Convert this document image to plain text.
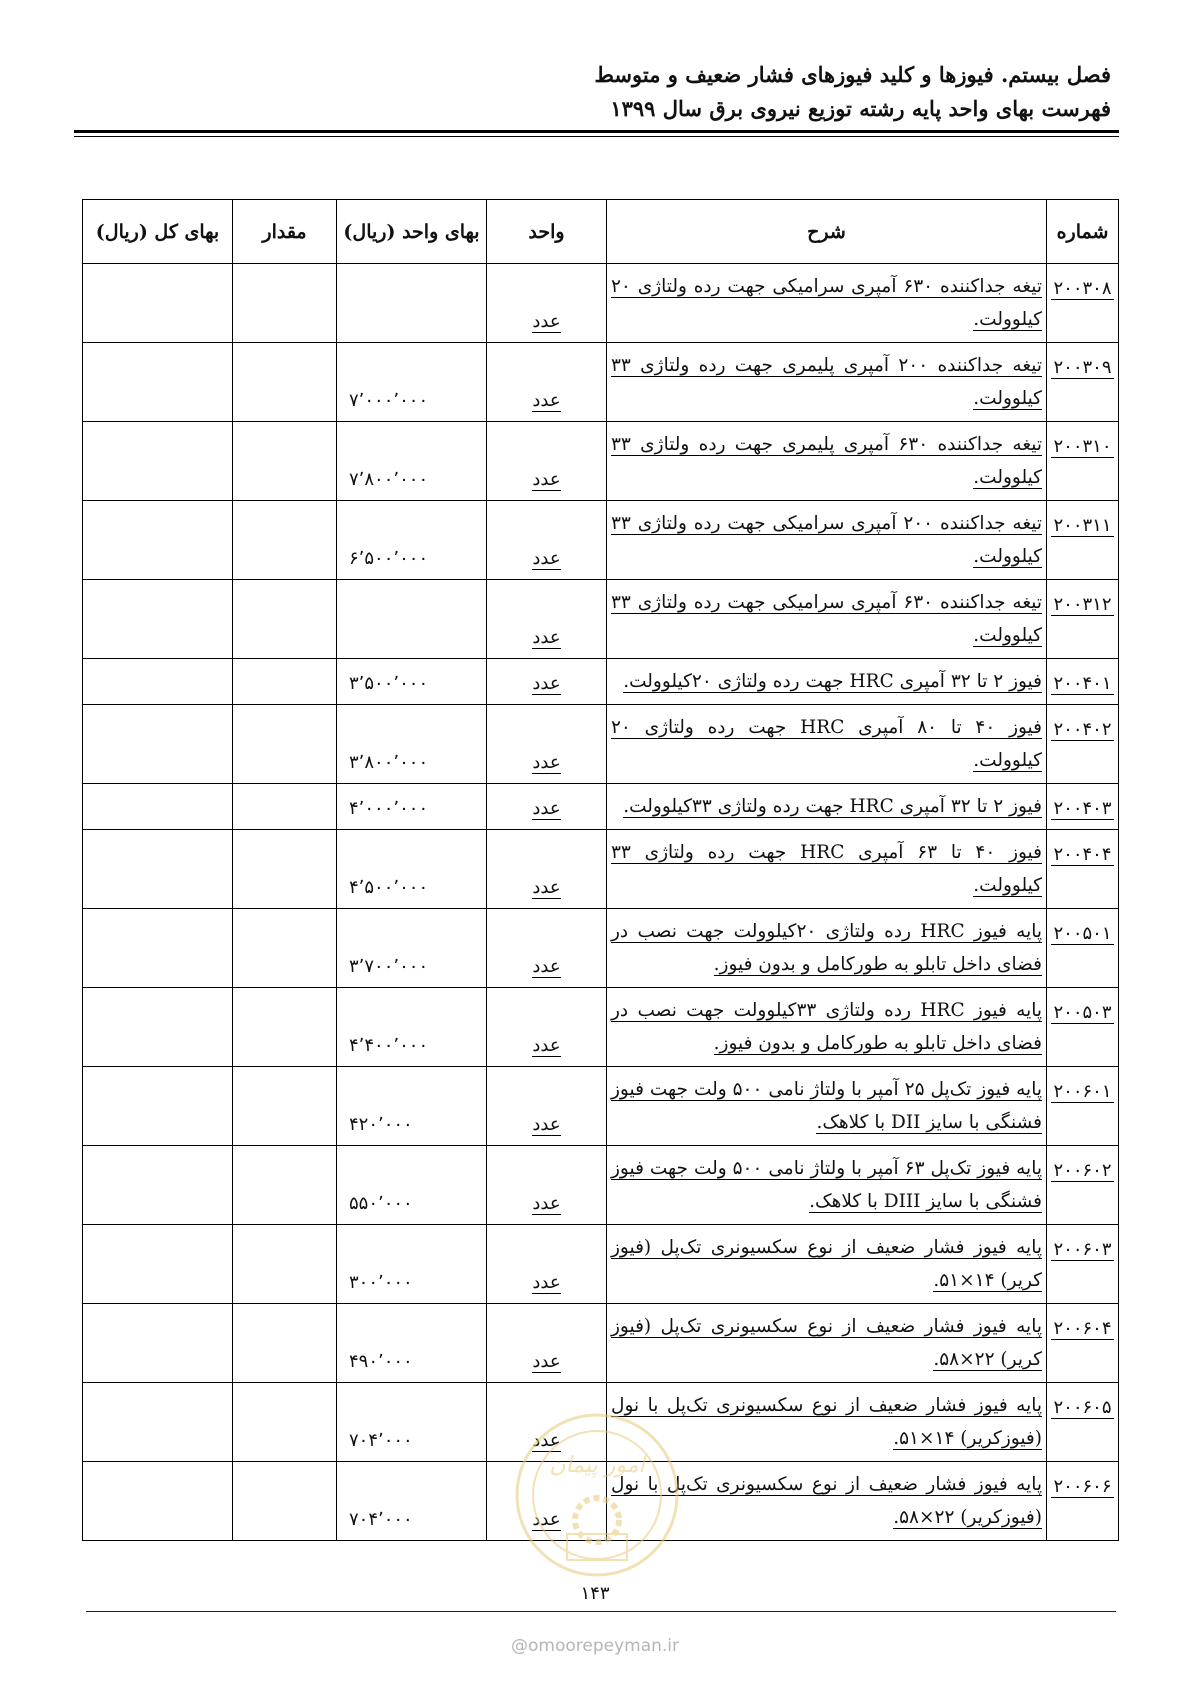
فصل بیستم. فیوزها و کلید فیوزهای فشار ضعیف و متوسط
فهرست بهای واحد پایه رشته توزیع نیروی برق سال ۱۳۹۹
شماره	شرح	واحد	بهای واحد (ریال)	مقدار	بهای کل (ریال)
۲۰۰۳۰۸	تیغه جداکننده ۶۳۰ آمپری سرامیکی جهت رده ولتاژی ۲۰ کیلوولت.	عدد			
۲۰۰۳۰۹	تیغه جداکننده ۲۰۰ آمپری پلیمری جهت رده ولتاژی ۳۳ کیلوولت.	عدد	۷٬۰۰۰٬۰۰۰		
۲۰۰۳۱۰	تیغه جداکننده ۶۳۰ آمپری پلیمری جهت رده ولتاژی ۳۳ کیلوولت.	عدد	۷٬۸۰۰٬۰۰۰		
۲۰۰۳۱۱	تیغه جداکننده ۲۰۰ آمپری سرامیکی جهت رده ولتاژی ۳۳ کیلوولت.	عدد	۶٬۵۰۰٬۰۰۰		
۲۰۰۳۱۲	تیغه جداکننده ۶۳۰ آمپری سرامیکی جهت رده ولتاژی ۳۳ کیلوولت.	عدد			
۲۰۰۴۰۱	فیوز ۲ تا ۳۲ آمپری HRC جهت رده ولتاژی ۲۰کیلوولت.	عدد	۳٬۵۰۰٬۰۰۰		
۲۰۰۴۰۲	فیوز ۴۰ تا ۸۰ آمپری HRC جهت رده ولتاژی ۲۰ کیلوولت.	عدد	۳٬۸۰۰٬۰۰۰		
۲۰۰۴۰۳	فیوز ۲ تا ۳۲ آمپری HRC جهت رده ولتاژی ۳۳کیلوولت.	عدد	۴٬۰۰۰٬۰۰۰		
۲۰۰۴۰۴	فیوز ۴۰ تا ۶۳ آمپری HRC جهت رده ولتاژی ۳۳ کیلوولت.	عدد	۴٬۵۰۰٬۰۰۰		
۲۰۰۵۰۱	پایه فیوز HRC رده ولتاژی ۲۰کیلوولت جهت نصب در فضای داخل تابلو به طورکامل و بدون فیوز.	عدد	۳٬۷۰۰٬۰۰۰		
۲۰۰۵۰۳	پایه فیوز HRC رده ولتاژی ۳۳کیلوولت جهت نصب در فضای داخل تابلو به طورکامل و بدون فیوز.	عدد	۴٬۴۰۰٬۰۰۰		
۲۰۰۶۰۱	پایه فیوز تک‌پل ۲۵ آمپر با ولتاژ نامی ۵۰۰ ولت جهت فیوز فشنگی با سایز DII با کلاهک.	عدد	۴۲۰٬۰۰۰		
۲۰۰۶۰۲	پایه فیوز تک‌پل ۶۳ آمپر با ولتاژ نامی ۵۰۰ ولت جهت فیوز فشنگی با سایز DIII با کلاهک.	عدد	۵۵۰٬۰۰۰		
۲۰۰۶۰۳	پایه فیوز فشار ضعیف از نوع سکسیونری تک‌پل (فیوز کریر) ۱۴×۵۱.	عدد	۳۰۰٬۰۰۰		
۲۰۰۶۰۴	پایه فیوز فشار ضعیف از نوع سکسیونری تک‌پل (فیوز کریر) ۲۲×۵۸.	عدد	۴۹۰٬۰۰۰		
۲۰۰۶۰۵	پایه فیوز فشار ضعیف از نوع سکسیونری تک‌پل با نول (فیوزکریر) ۱۴×۵۱.	عدد	۷۰۴٬۰۰۰		
۲۰۰۶۰۶	پایه فیوز فشار ضعیف از نوع سکسیونری تک‌پل با نول (فیوزکریر) ۲۲×۵۸.	عدد	۷۰۴٬۰۰۰		
امور پیمان
۱۴۳
@omoorepeyman.ir
